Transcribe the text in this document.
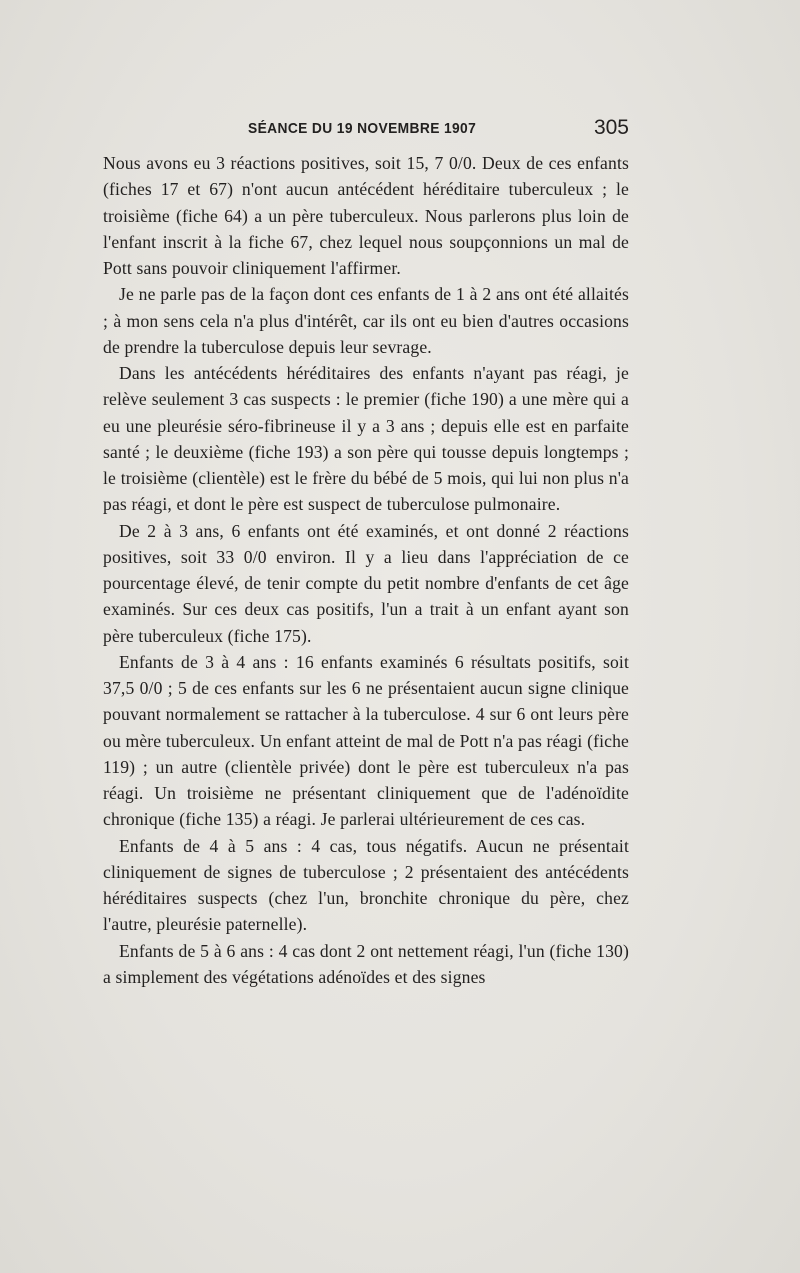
SÉANCE DU 19 NOVEMBRE 1907	305

Nous avons eu 3 réactions positives, soit 15, 7 0/0. Deux de ces enfants (fiches 17 et 67) n'ont aucun antécédent héréditaire tuberculeux ; le troisième (fiche 64) a un père tuberculeux. Nous parlerons plus loin de l'enfant inscrit à la fiche 67, chez lequel nous soupçonnions un mal de Pott sans pouvoir cliniquement l'affirmer.

Je ne parle pas de la façon dont ces enfants de 1 à 2 ans ont été allaités ; à mon sens cela n'a plus d'intérêt, car ils ont eu bien d'autres occasions de prendre la tuberculose depuis leur sevrage.

Dans les antécédents héréditaires des enfants n'ayant pas réagi, je relève seulement 3 cas suspects : le premier (fiche 190) a une mère qui a eu une pleurésie séro-fibrineuse il y a 3 ans ; depuis elle est en parfaite santé ; le deuxième (fiche 193) a son père qui tousse depuis longtemps ; le troisième (clientèle) est le frère du bébé de 5 mois, qui lui non plus n'a pas réagi, et dont le père est suspect de tuberculose pulmonaire.

De 2 à 3 ans, 6 enfants ont été examinés, et ont donné 2 réactions positives, soit 33 0/0 environ. Il y a lieu dans l'appréciation de ce pourcentage élevé, de tenir compte du petit nombre d'enfants de cet âge examinés. Sur ces deux cas positifs, l'un a trait à un enfant ayant son père tuberculeux (fiche 175).

Enfants de 3 à 4 ans : 16 enfants examinés 6 résultats positifs, soit 37,5 0/0 ; 5 de ces enfants sur les 6 ne présentaient aucun signe clinique pouvant normalement se rattacher à la tuberculose. 4 sur 6 ont leurs père ou mère tuberculeux. Un enfant atteint de mal de Pott n'a pas réagi (fiche 119) ; un autre (clientèle privée) dont le père est tuberculeux n'a pas réagi. Un troisième ne présentant cliniquement que de l'adénoïdite chronique (fiche 135) a réagi. Je parlerai ultérieurement de ces cas.

Enfants de 4 à 5 ans : 4 cas, tous négatifs. Aucun ne présentait cliniquement de signes de tuberculose ; 2 présentaient des antécédents héréditaires suspects (chez l'un, bronchite chronique du père, chez l'autre, pleurésie paternelle).

Enfants de 5 à 6 ans : 4 cas dont 2 ont nettement réagi, l'un (fiche 130) a simplement des végétations adénoïdes et des signes
